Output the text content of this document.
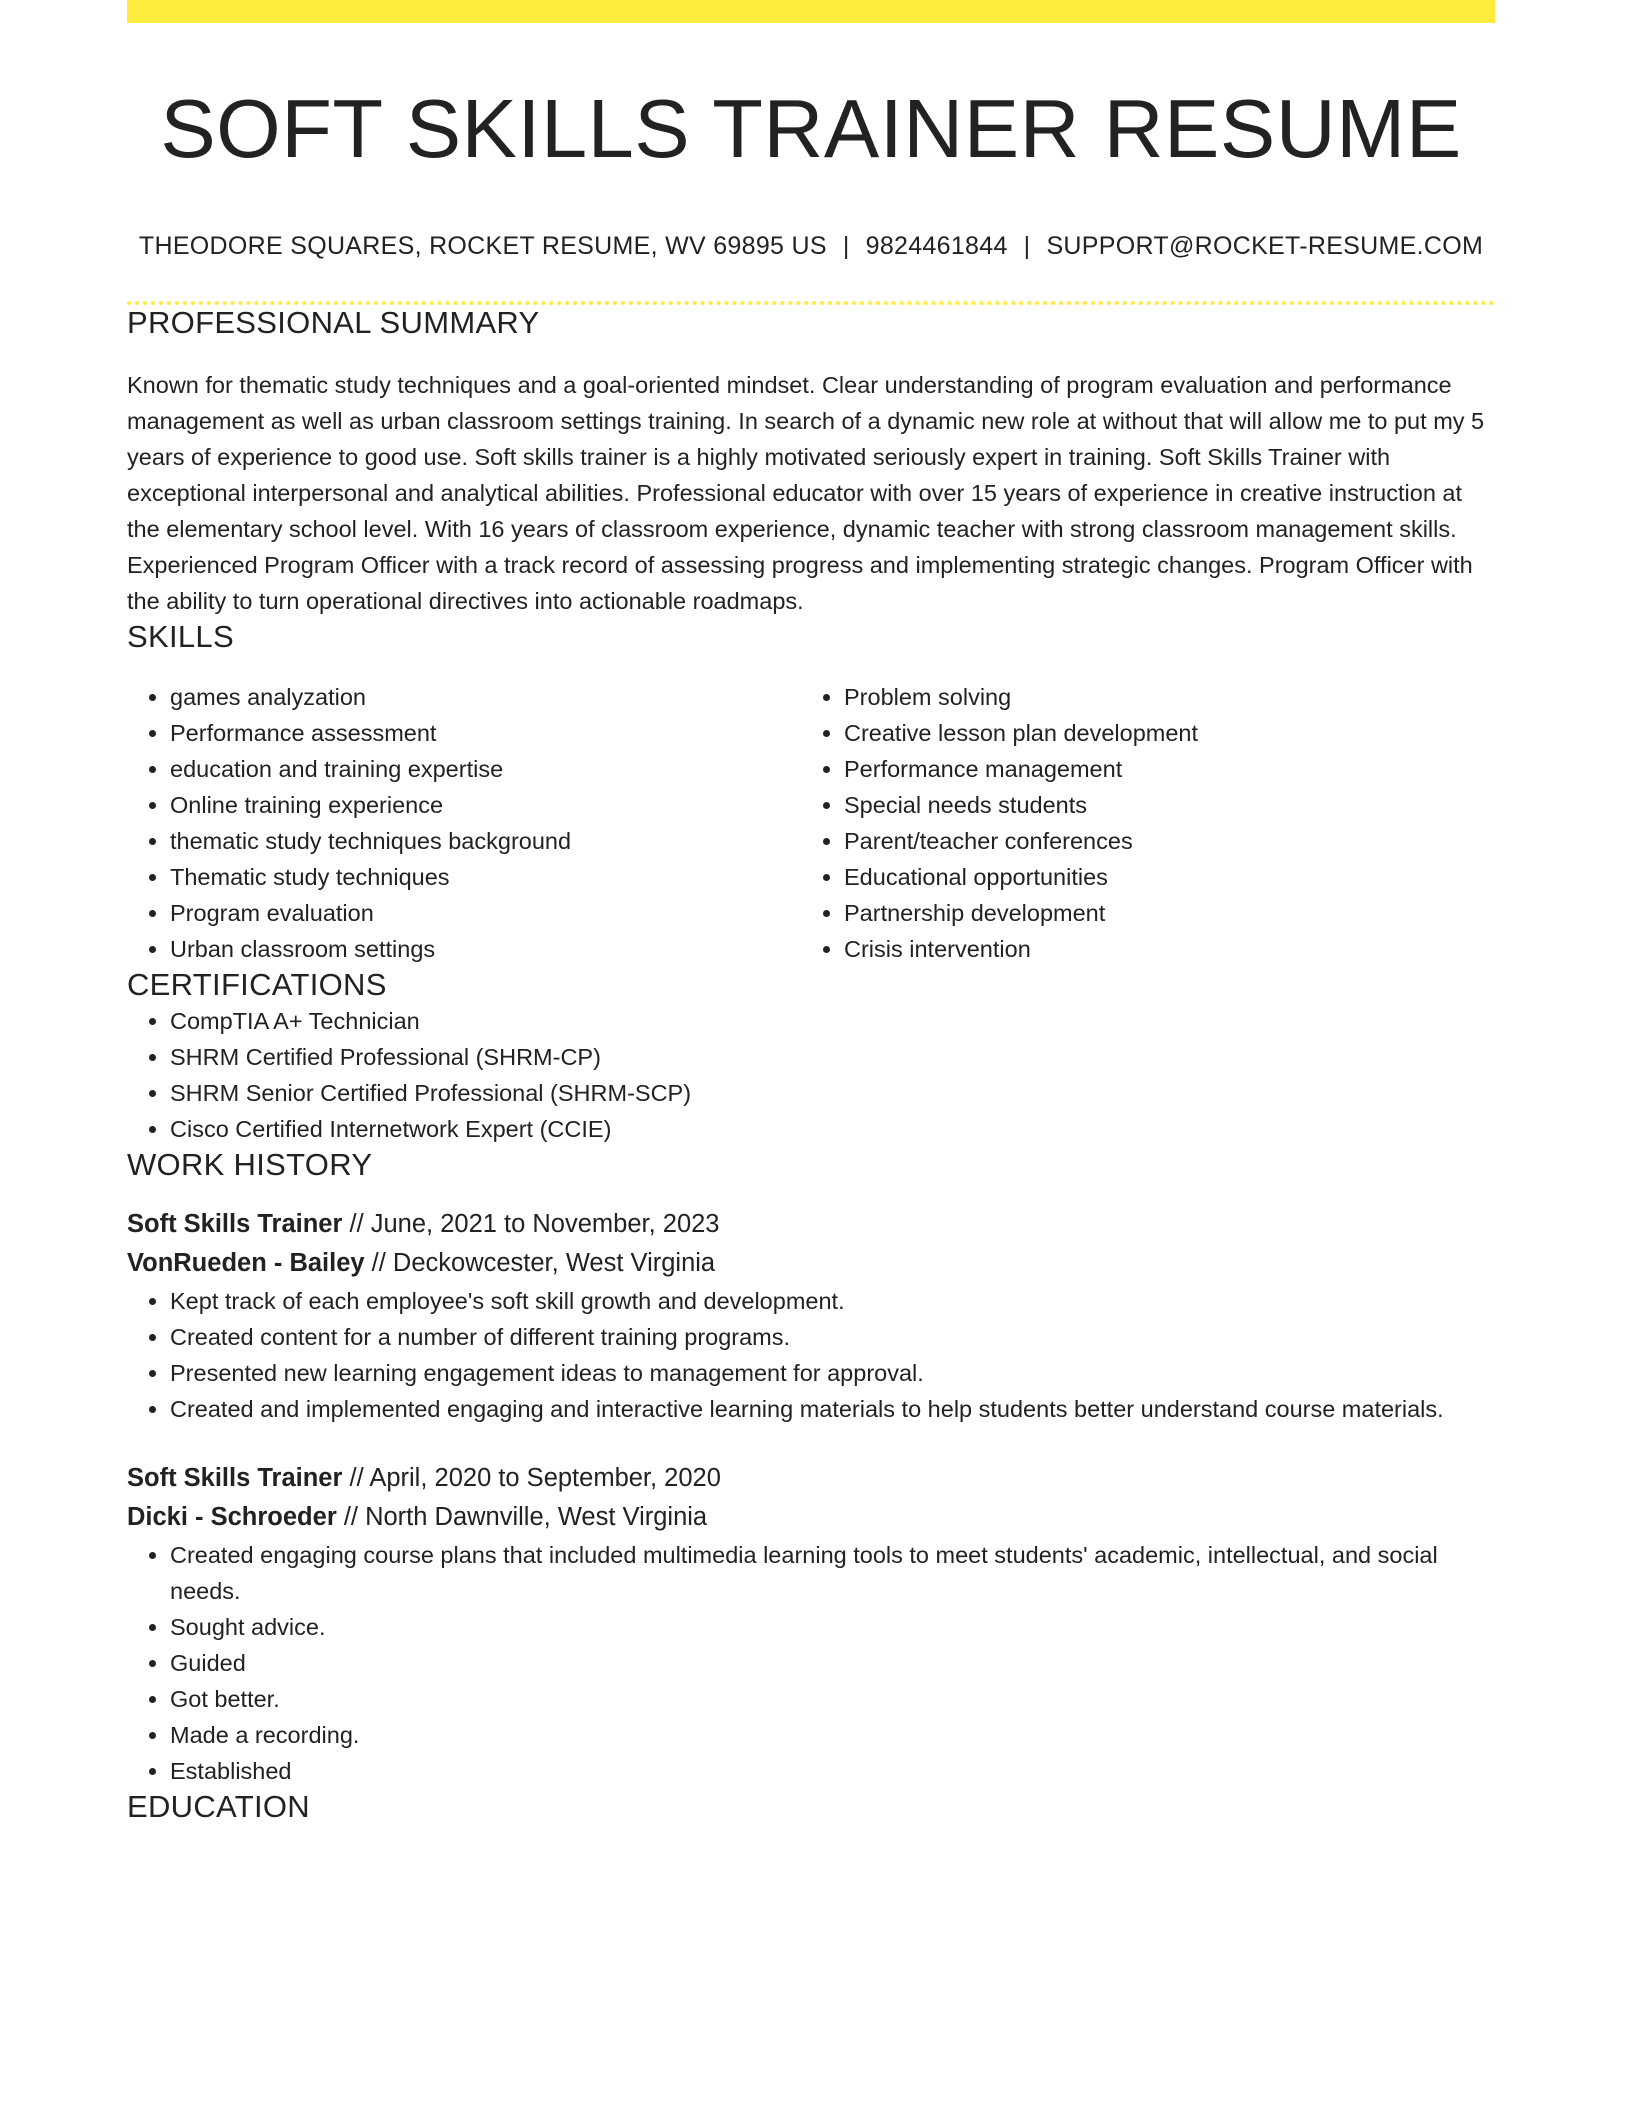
SOFT SKILLS TRAINER RESUME
THEODORE SQUARES, ROCKET RESUME, WV 69895 US | 9824461844 | SUPPORT@ROCKET-RESUME.COM
PROFESSIONAL SUMMARY

Known for thematic study techniques and a goal-oriented mindset. Clear understanding of program evaluation and performance management as well as urban classroom settings training. In search of a dynamic new role at without that will allow me to put my 5 years of experience to good use. Soft skills trainer is a highly motivated seriously expert in training. Soft Skills Trainer with exceptional interpersonal and analytical abilities. Professional educator with over 15 years of experience in creative instruction at the elementary school level. With 16 years of classroom experience, dynamic teacher with strong classroom management skills. Experienced Program Officer with a track record of assessing progress and implementing strategic changes. Program Officer with the ability to turn operational directives into actionable roadmaps.

SKILLS
• games analyzation
• Performance assessment
• education and training expertise
• Online training experience
• thematic study techniques background
• Thematic study techniques
• Program evaluation
• Urban classroom settings
• Problem solving
• Creative lesson plan development
• Performance management
• Special needs students
• Parent/teacher conferences
• Educational opportunities
• Partnership development
• Crisis intervention
CERTIFICATIONS
• CompTIA A+ Technician
• SHRM Certified Professional (SHRM-CP)
• SHRM Senior Certified Professional (SHRM-SCP)
• Cisco Certified Internetwork Expert (CCIE)
WORK HISTORY
Soft Skills Trainer // June, 2021 to November, 2023
VonRueden - Bailey // Deckowcester, West Virginia
• Kept track of each employee's soft skill growth and development.
• Created content for a number of different training programs.
• Presented new learning engagement ideas to management for approval.
• Created and implemented engaging and interactive learning materials to help students better understand course materials.
Soft Skills Trainer // April, 2020 to September, 2020
Dicki - Schroeder // North Dawnville, West Virginia
• Created engaging course plans that included multimedia learning tools to meet students' academic, intellectual, and social needs.
• Sought advice.
• Guided
• Got better.
• Made a recording.
• Established
EDUCATION
